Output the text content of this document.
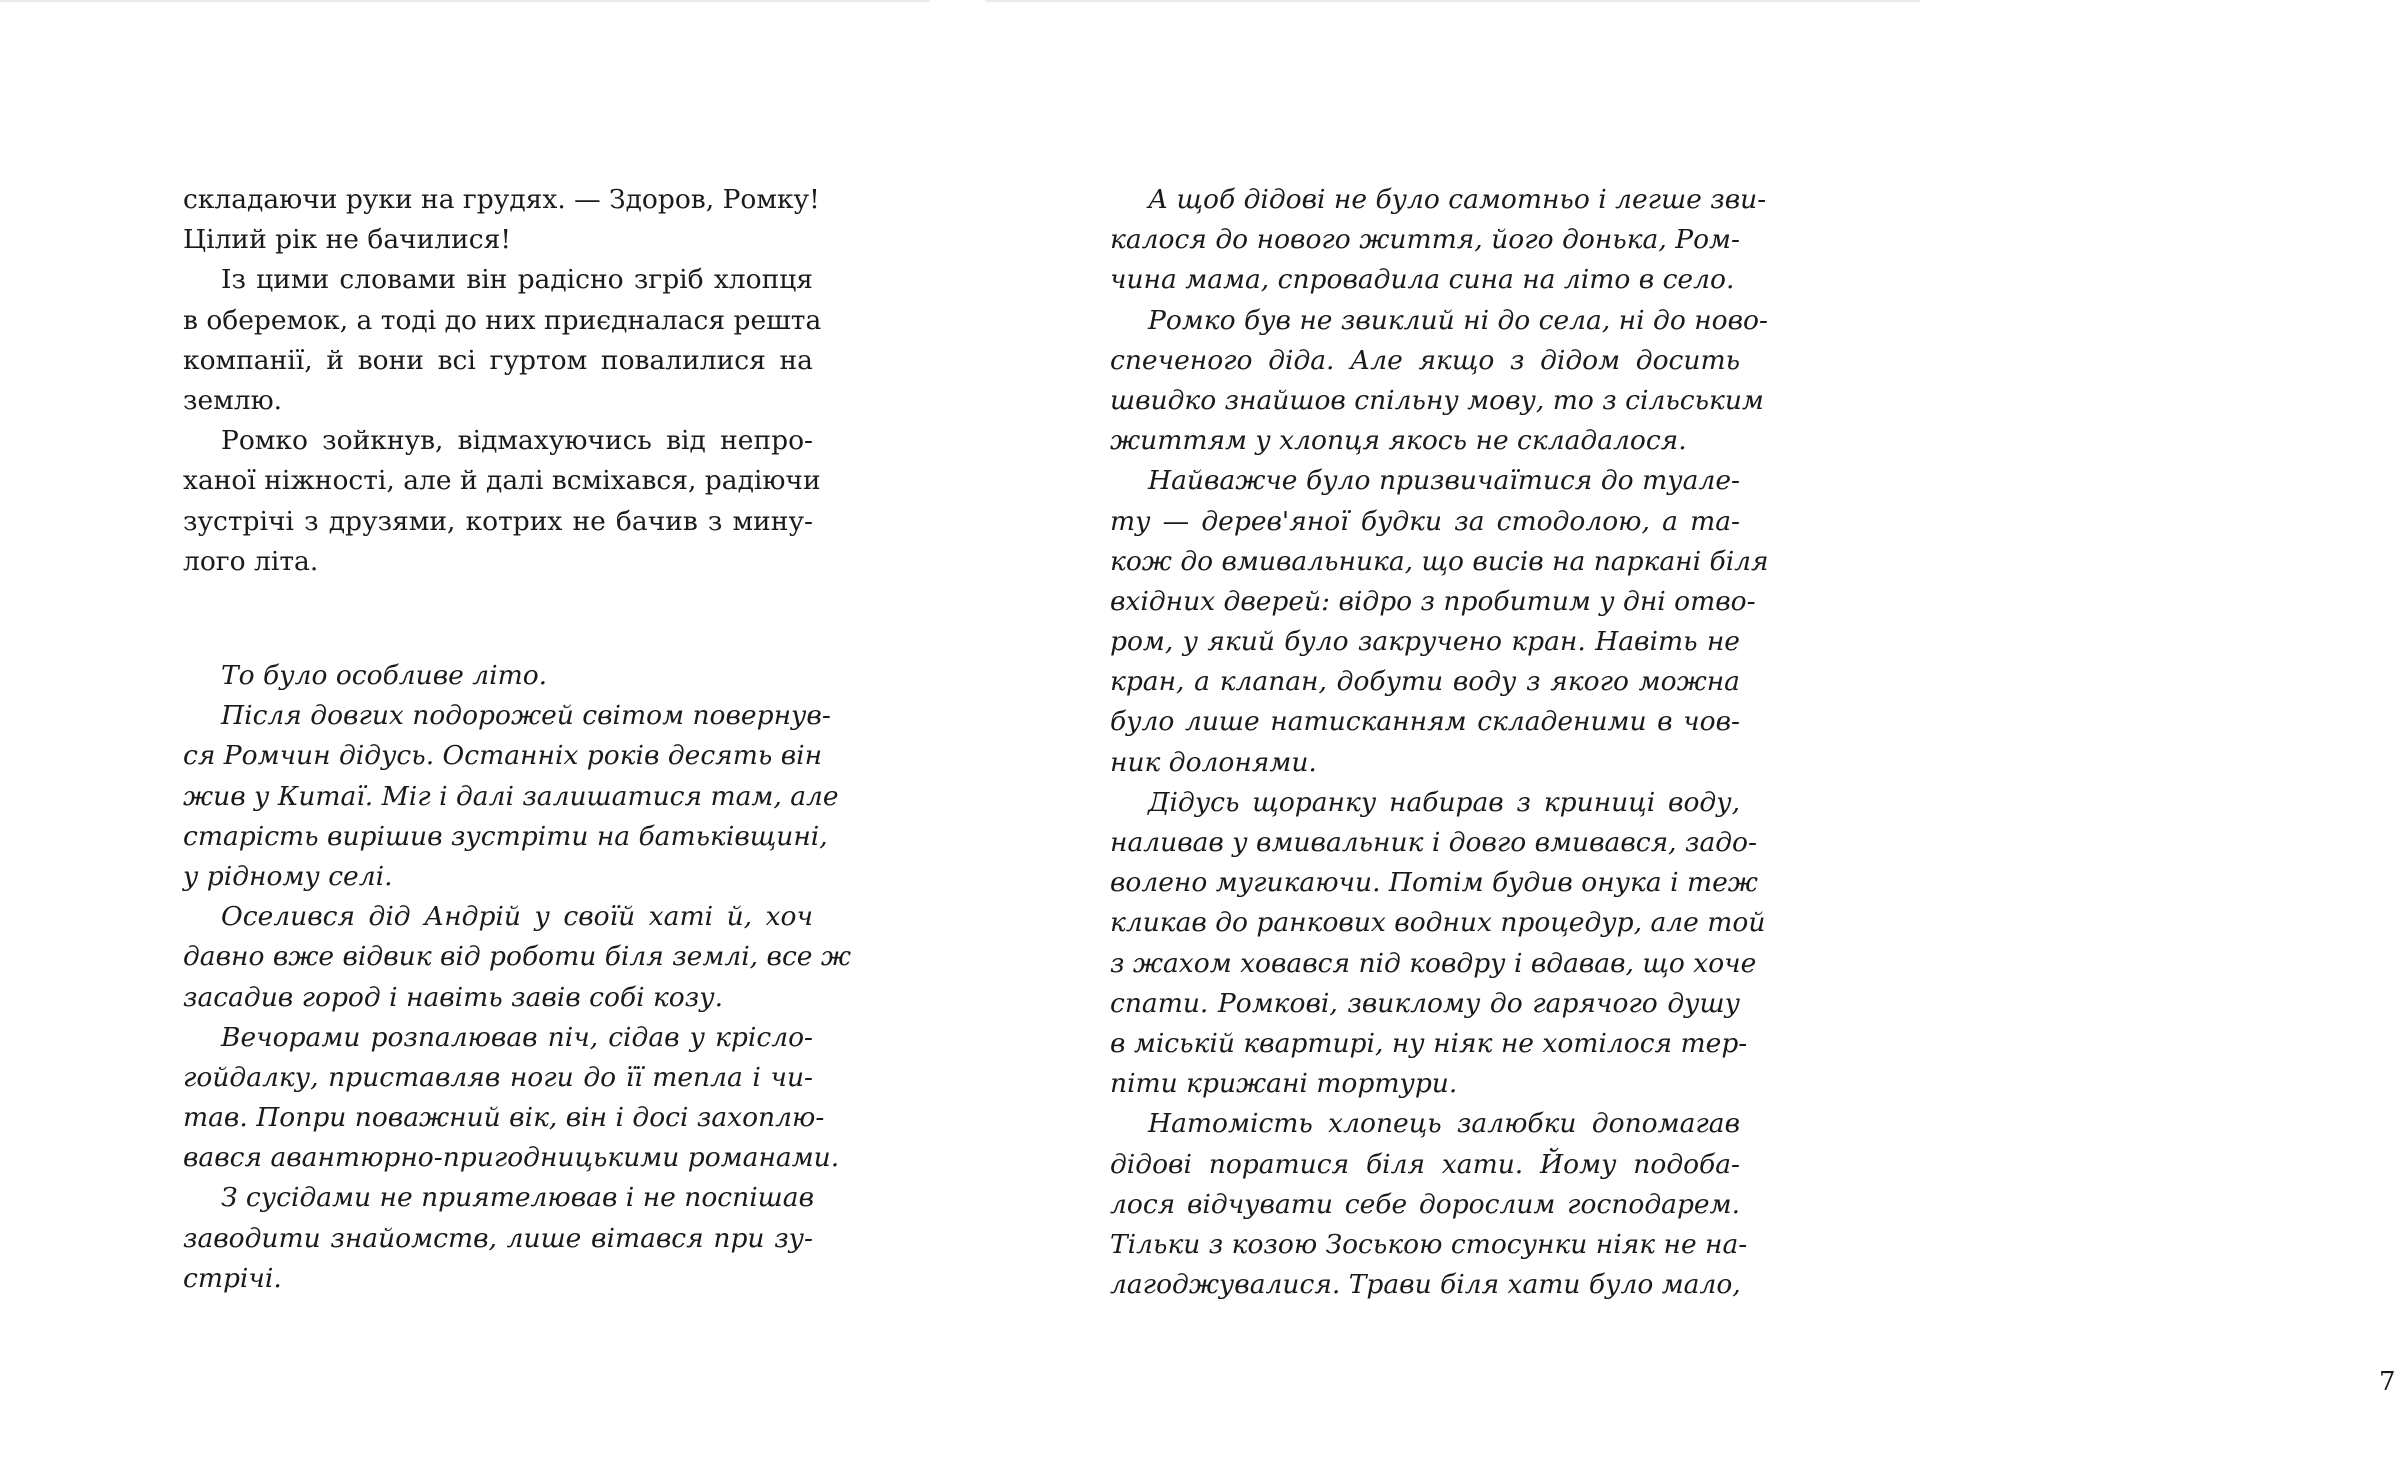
складаючи руки на грудях. — Здоров, Ромку!
Цілий рік не бачилися!
Із цими словами він радісно згріб хлопця
в оберемок, а тоді до них приєдналася решта
компанії, й вони всі гуртом повалилися на
землю.
Ромко зойкнув, відмахуючись від непро-
ханої ніжності, але й далі всміхався, радіючи
зустрічі з друзями, котрих не бачив з мину-
лого літа.
То було особливе літо.
Після довгих подорожей світом повернув-
ся Ромчин дідусь. Останніх років десять він
жив у Китаї. Міг і далі залишатися там, але
старість вирішив зустріти на батьківщині,
у рідному селі.
Оселився дід Андрій у своїй хаті й, хоч
давно вже відвик від роботи біля землі, все ж
засадив город і навіть завів собі козу.
Вечорами розпалював піч, сідав у крісло-
гойдалку, приставляв ноги до її тепла і чи-
тав. Попри поважний вік, він і досі захоплю-
вався авантюрно-пригодницькими романами.
З сусідами не приятелював і не поспішав
заводити знайомств, лише вітався при зу-
стрічі.
А щоб дідові не було самотньо і легше зви-
калося до нового життя, його донька, Ром-
чина мама, спровадила сина на літо в село.
Ромко був не звиклий ні до села, ні до ново-
спеченого діда. Але якщо з дідом досить
швидко знайшов спільну мову, то з сільським
життям у хлопця якось не складалося.
Найважче було призвичаїтися до туале-
ту — дерев'яної будки за стодолою, а та-
кож до вмивальника, що висів на паркані біля
вхідних дверей: відро з пробитим у дні отво-
ром, у який було закручено кран. Навіть не
кран, а клапан, добути воду з якого можна
було лише натисканням складеними в чов-
ник долонями.
Дідусь щоранку набирав з криниці воду,
наливав у вмивальник і довго вмивався, задо-
волено мугикаючи. Потім будив онука і теж
кликав до ранкових водних процедур, але той
з жахом ховався під ковдру і вдавав, що хоче
спати. Ромкові, звиклому до гарячого душу
в міській квартирі, ну ніяк не хотілося тер-
піти крижані тортури.
Натомість хлопець залюбки допомагав
дідові поратися біля хати. Йому подоба-
лося відчувати себе дорослим господарем.
Тільки з козою Зоською стосунки ніяк не на-
лагоджувалися. Трави біля хати було мало,
7
